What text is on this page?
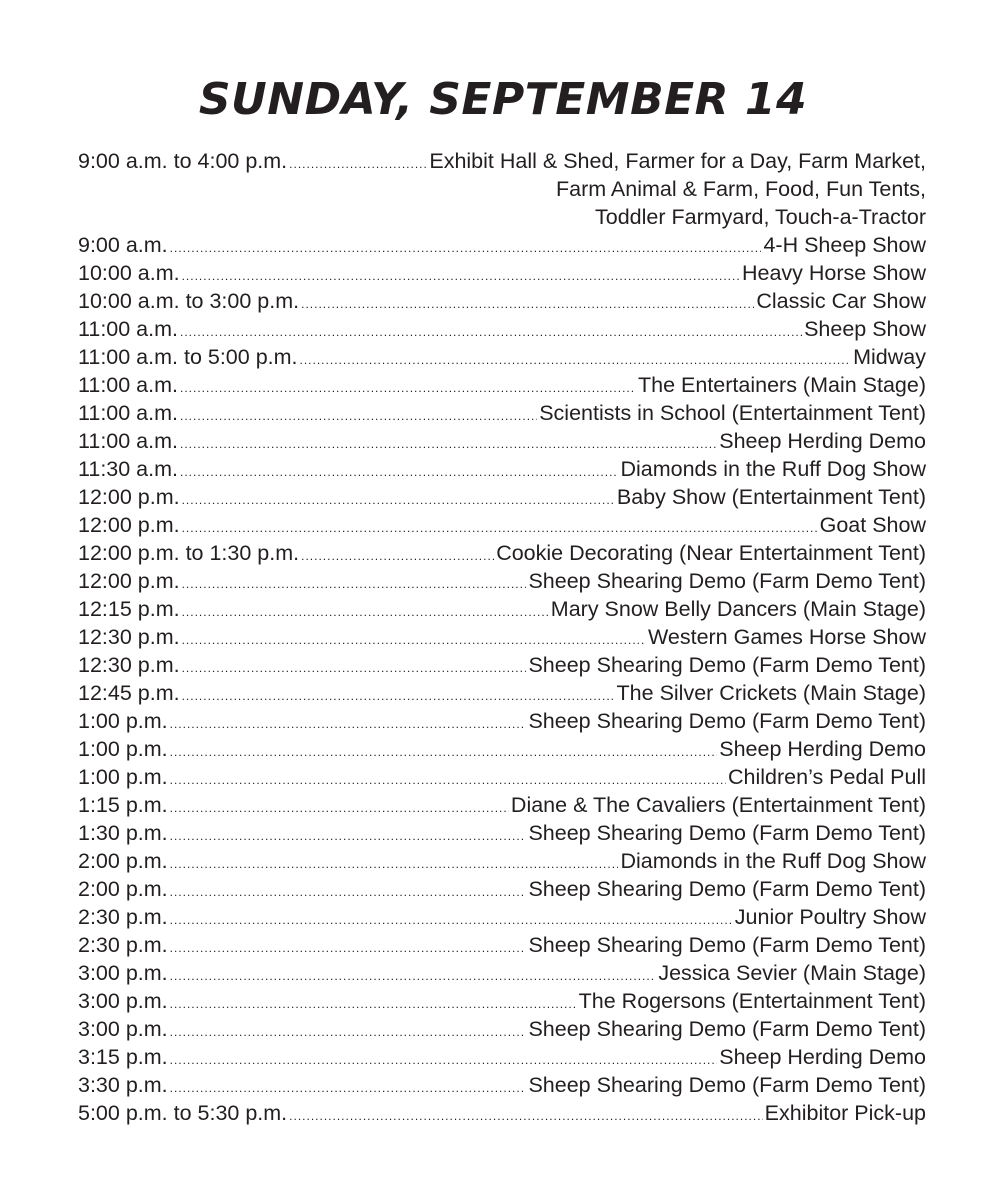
SUNDAY, SEPTEMBER 14
9:00 a.m. to 4:00 p.m. .....	Exhibit Hall & Shed, Farmer for a Day, Farm Market,
Farm Animal & Farm, Food, Fun Tents,
Toddler Farmyard, Touch-a-Tractor
9:00 a.m. .....	4-H Sheep Show
10:00 a.m. .....	Heavy Horse Show
10:00 a.m. to 3:00 p.m. .....	Classic Car Show
11:00 a.m. .....	Sheep Show
11:00 a.m. to 5:00 p.m. .....	Midway
11:00 a.m. .....	The Entertainers (Main Stage)
11:00 a.m. .....	Scientists in School (Entertainment Tent)
11:00 a.m. .....	Sheep Herding Demo
11:30 a.m. .....	Diamonds in the Ruff Dog Show
12:00 p.m. .....	Baby Show (Entertainment Tent)
12:00 p.m. .....	Goat Show
12:00 p.m. to 1:30 p.m. .....	Cookie Decorating (Near Entertainment Tent)
12:00 p.m. .....	Sheep Shearing Demo (Farm Demo Tent)
12:15 p.m. .....	Mary Snow Belly Dancers (Main Stage)
12:30 p.m. .....	Western Games Horse Show
12:30 p.m. .....	Sheep Shearing Demo (Farm Demo Tent)
12:45 p.m. .....	The Silver Crickets (Main Stage)
1:00 p.m. .....	Sheep Shearing Demo (Farm Demo Tent)
1:00 p.m. .....	Sheep Herding Demo
1:00 p.m. .....	Children’s Pedal Pull
1:15 p.m. .....	Diane & The Cavaliers (Entertainment Tent)
1:30 p.m. .....	Sheep Shearing Demo (Farm Demo Tent)
2:00 p.m. .....	Diamonds in the Ruff Dog Show
2:00 p.m. .....	Sheep Shearing Demo (Farm Demo Tent)
2:30 p.m. .....	Junior Poultry Show
2:30 p.m. .....	Sheep Shearing Demo (Farm Demo Tent)
3:00 p.m. .....	Jessica Sevier (Main Stage)
3:00 p.m. .....	The Rogersons (Entertainment Tent)
3:00 p.m. .....	Sheep Shearing Demo (Farm Demo Tent)
3:15 p.m. .....	Sheep Herding Demo
3:30 p.m. .....	Sheep Shearing Demo (Farm Demo Tent)
5:00 p.m. to 5:30 p.m. .....	Exhibitor Pick-up
